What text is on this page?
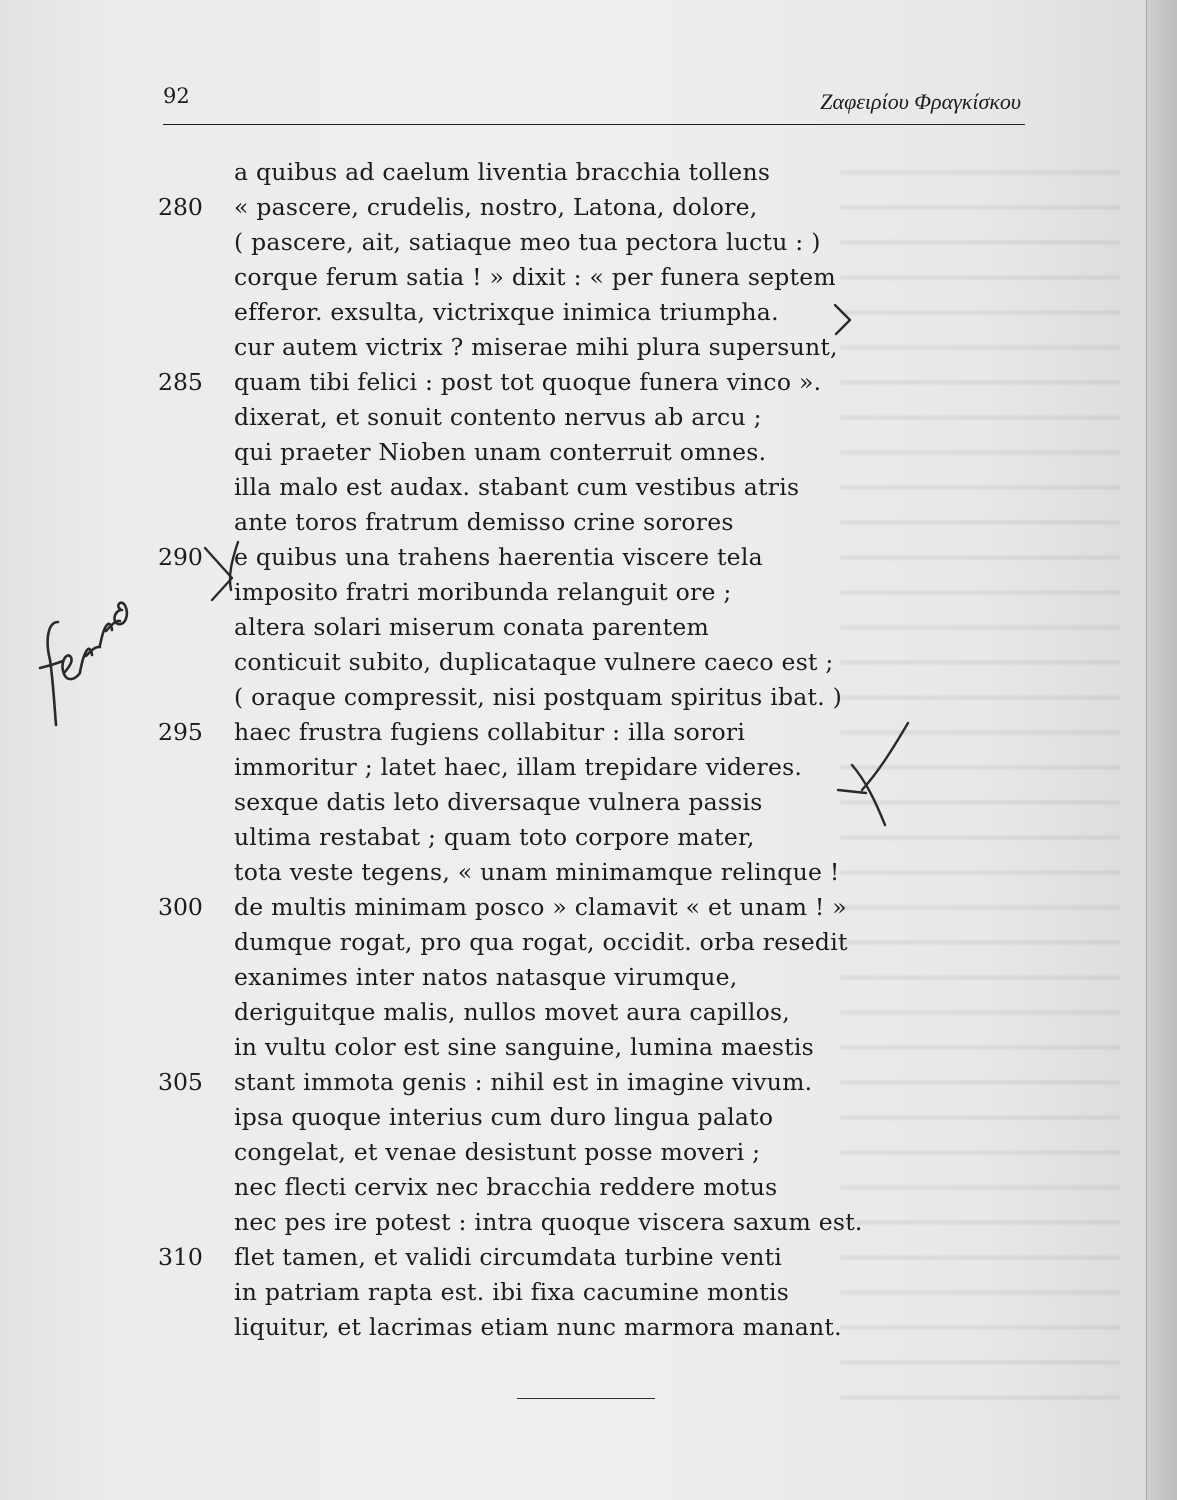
92	Ζαφειρίου Φραγκίσκου
a quibus ad caelum liventia bracchia tollens
« pascere, crudelis, nostro, Latona, dolore,
( pascere, ait, satiaque meo tua pectora luctu : )
corque ferum satia ! » dixit : « per funera septem
efferor. exsulta, victrixque inimica triumpha.
cur autem victrix ? miserae mihi plura supersunt,
quam tibi felici : post tot quoque funera vinco ».
dixerat, et sonuit contento nervus ab arcu ;
qui praeter Nioben unam conterruit omnes.
illa malo est audax. stabant cum vestibus atris
ante toros fratrum demisso crine sorores
e quibus una trahens haerentia viscere tela
imposito fratri moribunda relanguit ore ;
altera solari miserum conata parentem
conticuit subito, duplicataque vulnere caeco est ;
( oraque compressit, nisi postquam spiritus ibat. )
haec frustra fugiens collabitur : illa sorori
immoritur ; latet haec, illam trepidare videres.
sexque datis leto diversaque vulnera passis
ultima restabat ; quam toto corpore mater,
tota veste tegens, « unam minimamque relinque !
de multis minimam posco » clamavit « et unam ! »
dumque rogat, pro qua rogat, occidit. orba resedit
exanimes inter natos natasque virumque,
deriguitque malis, nullos movet aura capillos,
in vultu color est sine sanguine, lumina maestis
stant immota genis : nihil est in imagine vivum.
ipsa quoque interius cum duro lingua palato
congelat, et venae desistunt posse moveri ;
nec flecti cervix nec bracchia reddere motus
nec pes ire potest : intra quoque viscera saxum est.
flet tamen, et validi circumdata turbine venti
in patriam rapta est. ibi fixa cacumine montis
liquitur, et lacrimas etiam nunc marmora manant.
280
285
290
295
300
305
310
